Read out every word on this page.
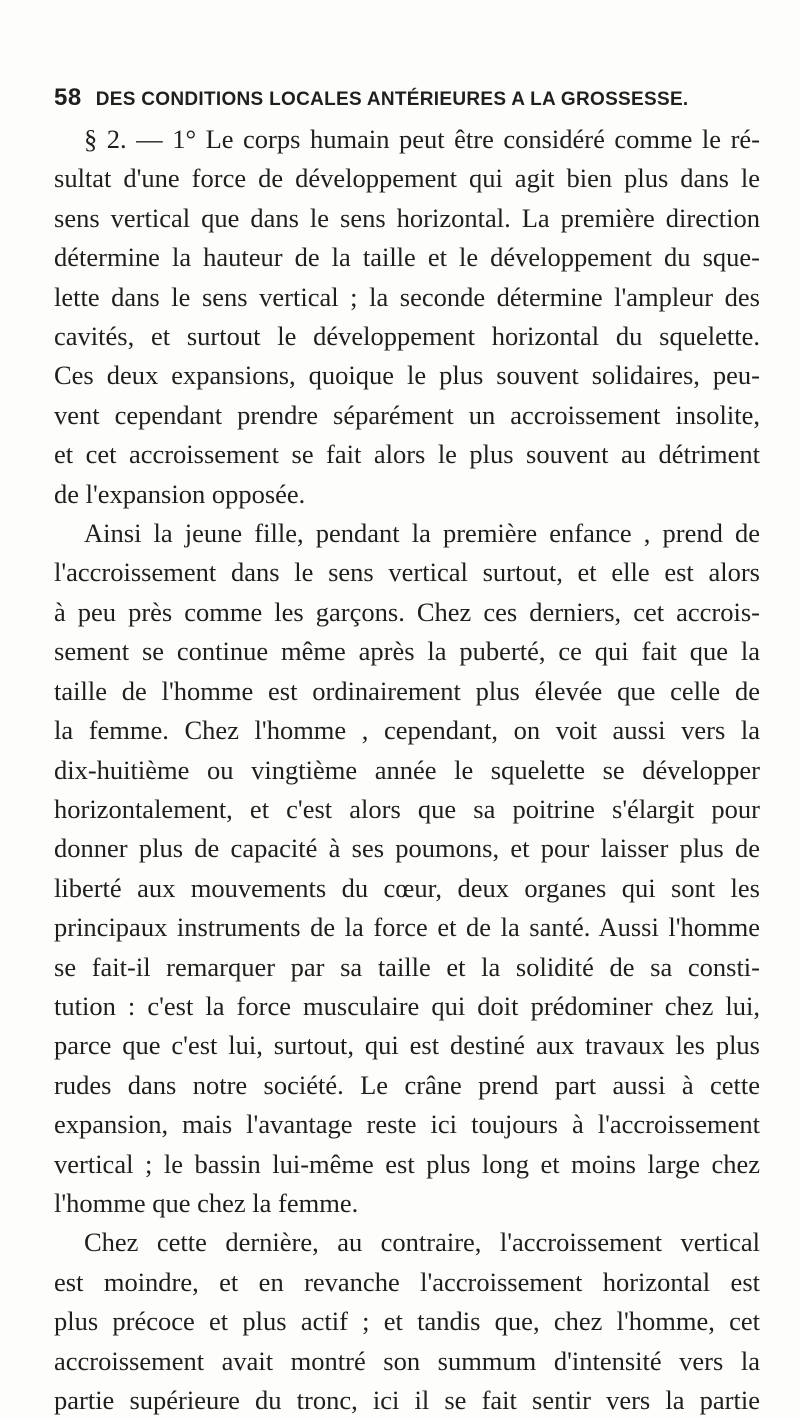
58 DES CONDITIONS LOCALES ANTÉRIEURES A LA GROSSESSE.
§ 2. — 1° Le corps humain peut être considéré comme le ré-
sultat d'une force de développement qui agit bien plus dans le
sens vertical que dans le sens horizontal. La première direction
détermine la hauteur de la taille et le développement du sque-
lette dans le sens vertical ; la seconde détermine l'ampleur des
cavités, et surtout le développement horizontal du squelette.
Ces deux expansions, quoique le plus souvent solidaires, peu-
vent cependant prendre séparément un accroissement insolite,
et cet accroissement se fait alors le plus souvent au détriment
de l'expansion opposée.
Ainsi la jeune fille, pendant la première enfance , prend de
l'accroissement dans le sens vertical surtout, et elle est alors
à peu près comme les garçons. Chez ces derniers, cet accrois-
sement se continue même après la puberté, ce qui fait que la
taille de l'homme est ordinairement plus élevée que celle de
la femme. Chez l'homme , cependant, on voit aussi vers la
dix-huitième ou vingtième année le squelette se développer
horizontalement, et c'est alors que sa poitrine s'élargit pour
donner plus de capacité à ses poumons, et pour laisser plus de
liberté aux mouvements du cœur, deux organes qui sont les
principaux instruments de la force et de la santé. Aussi l'homme
se fait-il remarquer par sa taille et la solidité de sa consti-
tution : c'est la force musculaire qui doit prédominer chez lui,
parce que c'est lui, surtout, qui est destiné aux travaux les plus
rudes dans notre société. Le crâne prend part aussi à cette
expansion, mais l'avantage reste ici toujours à l'accroissement
vertical ; le bassin lui-même est plus long et moins large chez
l'homme que chez la femme.
Chez cette dernière, au contraire, l'accroissement vertical
est moindre, et en revanche l'accroissement horizontal est
plus précoce et plus actif ; et tandis que, chez l'homme, cet
accroissement avait montré son summum d'intensité vers la
partie supérieure du tronc, ici il se fait sentir vers la partie
